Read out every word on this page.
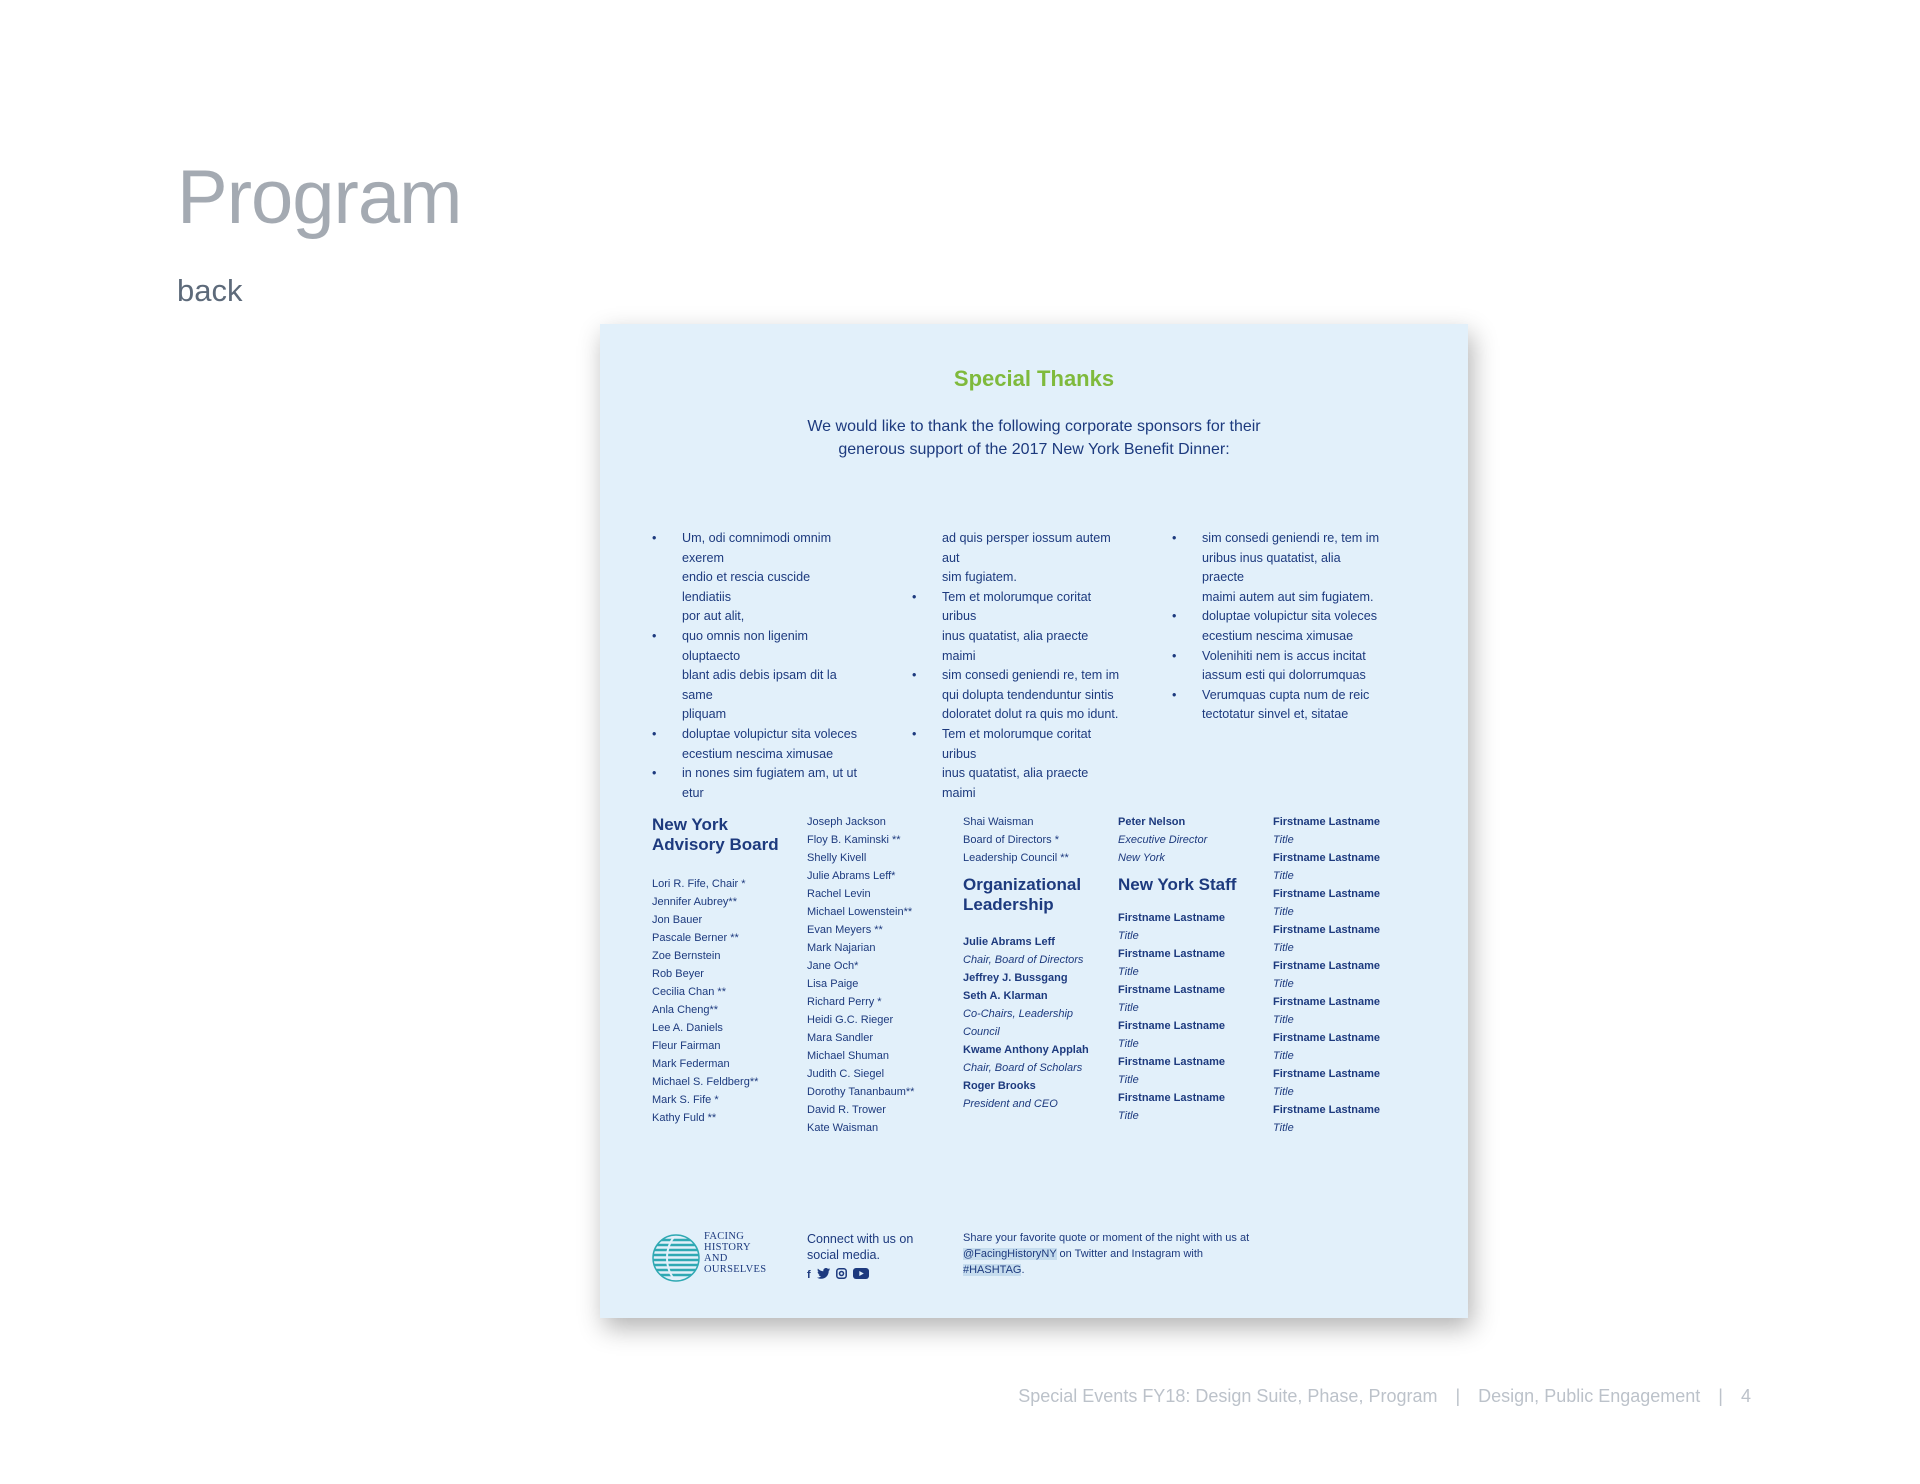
Program
back
Special Thanks
We would like to thank the following corporate sponsors for their
generous support of the 2017 New York Benefit Dinner:
• Um, odi comnimodi omnim exerem
endio et rescia cuscide lendiatiis
por aut alit,
• quo omnis non ligenim oluptaecto
blant adis debis ipsam dit la same
pliquam
• doluptae volupictur sita voleces
ecestium nescima ximusae
• in nones sim fugiatem am, ut ut etur
ad quis persper iossum autem aut
sim fugiatem.
• Tem et molorumque coritat uribus
inus quatatist, alia praecte maimi
• sim consedi geniendi re, tem im
qui dolupta tendenduntur sintis
doloratet dolut ra quis mo idunt.
• Tem et molorumque coritat uribus
inus quatatist, alia praecte maimi
• sim consedi geniendi re, tem im
uribus inus quatatist, alia praecte
maimi autem aut sim fugiatem.
• doluptae volupictur sita voleces
ecestium nescima ximusae
• Volenihiti nem is accus incitat
iassum esti qui dolorrumquas
• Verumquas cupta num de reic
tectotatur sinvel et, sitatae
New York Advisory Board
Lori R. Fife, Chair *
Jennifer Aubrey**
Jon Bauer
Pascale Berner **
Zoe Bernstein
Rob Beyer
Cecilia Chan **
Anla Cheng**
Lee A. Daniels
Fleur Fairman
Mark Federman
Michael S. Feldberg**
Mark S. Fife *
Kathy Fuld **
Joseph Jackson
Floy B. Kaminski **
Shelly Kivell
Julie Abrams Leff*
Rachel Levin
Michael Lowenstein**
Evan Meyers **
Mark Najarian
Jane Och*
Lisa Paige
Richard Perry *
Heidi G.C. Rieger
Mara Sandler
Michael Shuman
Judith C. Siegel
Dorothy Tananbaum**
David R. Trower
Kate Waisman
Shai Waisman
Board of Directors *
Leadership Council **
Organizational Leadership
Julie Abrams Leff
Chair, Board of Directors
Jeffrey J. Bussgang
Seth A. Klarman
Co-Chairs, Leadership
Council
Kwame Anthony Applah
Chair, Board of Scholars
Roger Brooks
President and CEO
Peter Nelson
Executive Director
New York
New York Staff
Firstname Lastname
Title
Firstname Lastname
Title
Firstname Lastname
Title
Firstname Lastname
Title
Firstname Lastname
Title
Firstname Lastname
Title
Firstname Lastname
Title
Firstname Lastname
Title
Firstname Lastname
Title
Firstname Lastname
Title
Firstname Lastname
Title
Firstname Lastname
Title
Firstname Lastname
Title
Firstname Lastname
Title
Firstname Lastname
Title
FACING
HISTORY
AND
OURSELVES
Connect with us on social media.
f
Share your favorite quote or moment of the night with us at @FacingHistoryNY on Twitter and Instagram with #HASHTAG.
Special Events FY18: Design Suite, Phase, Program | Design, Public Engagement | 4
